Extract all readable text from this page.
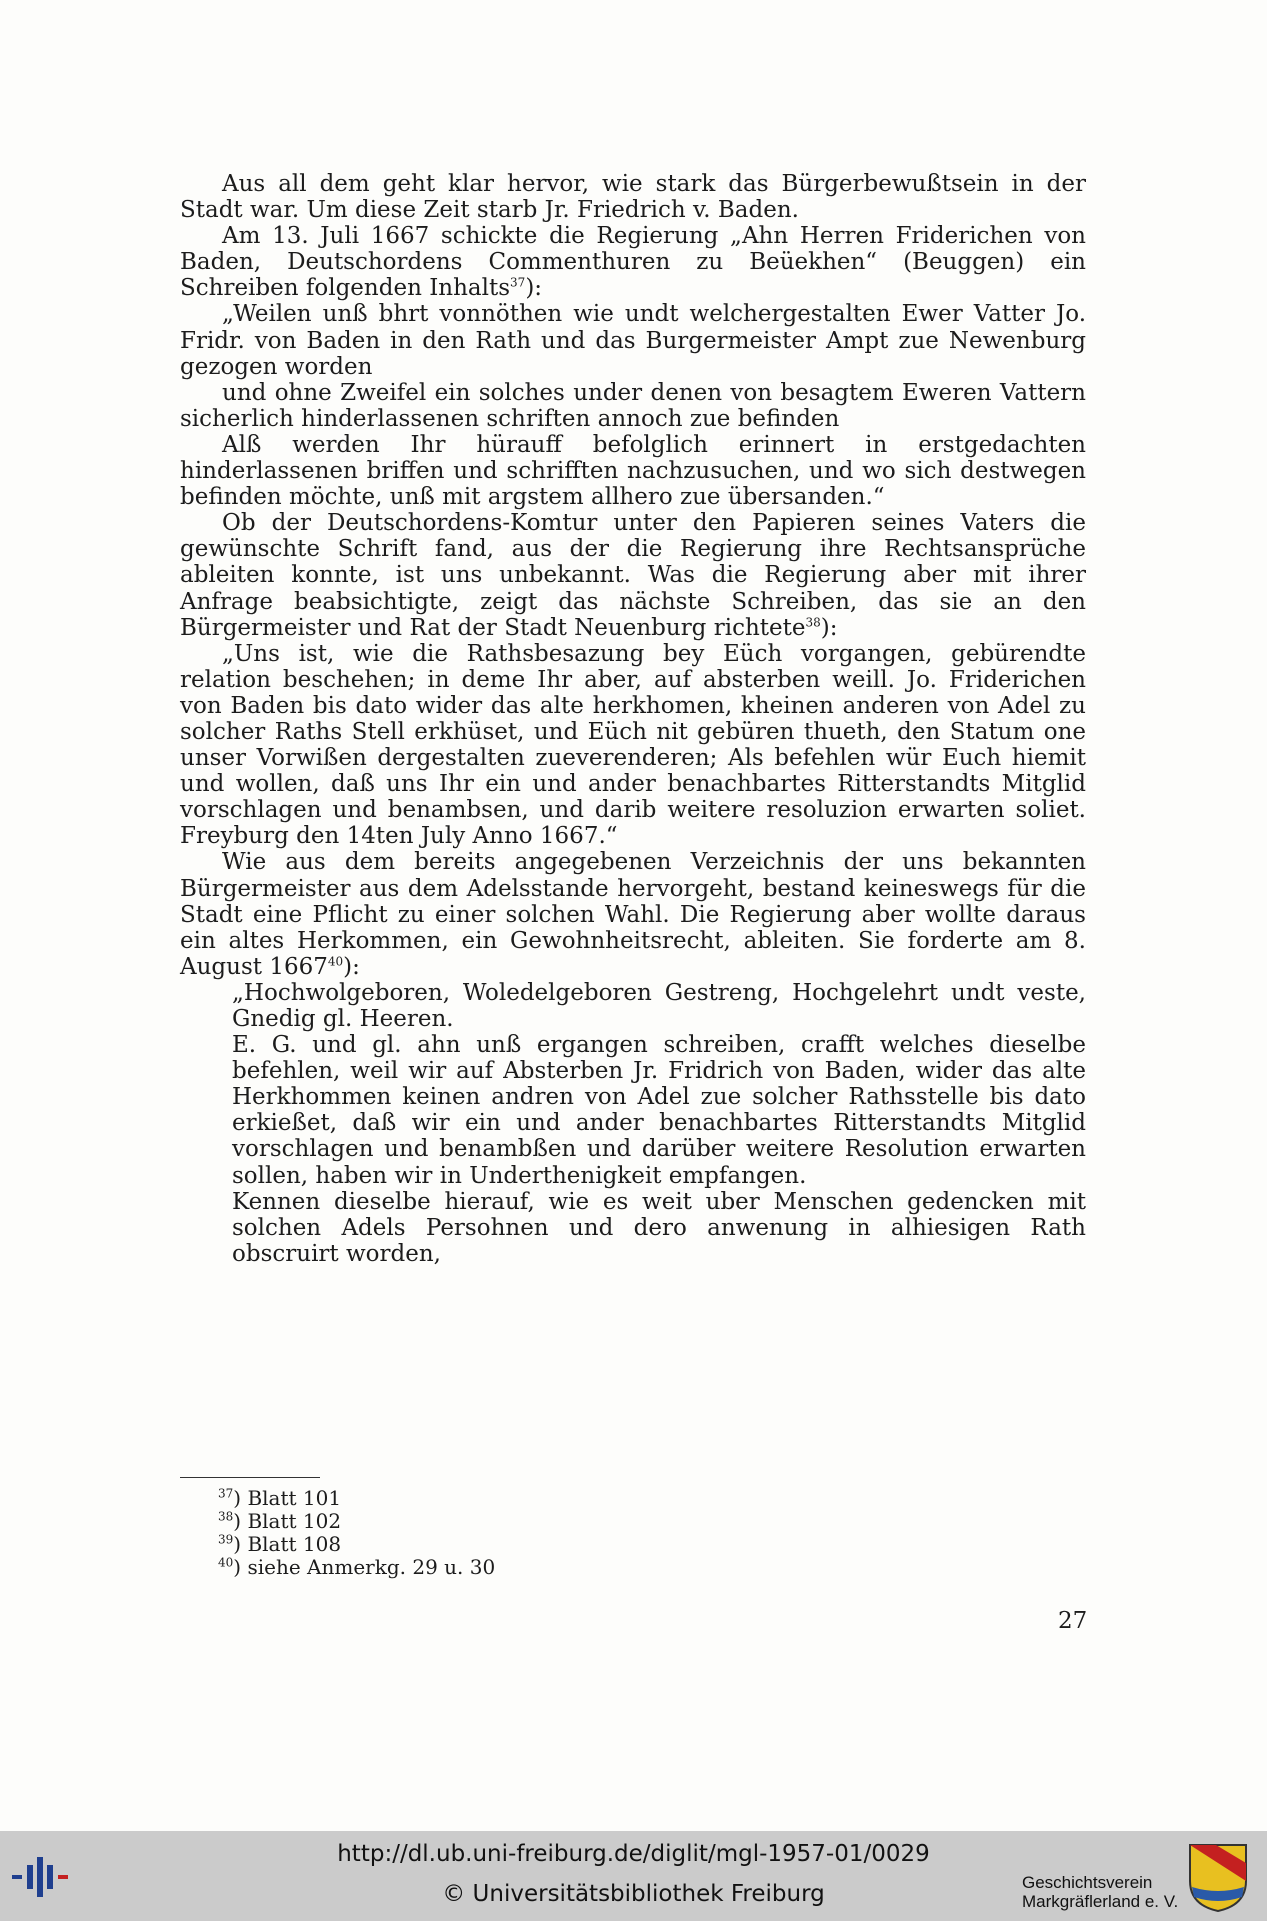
Aus all dem geht klar hervor, wie stark das Bürgerbewußtsein in der Stadt war. Um diese Zeit starb Jr. Friedrich v. Baden.

Am 13. Juli 1667 schickte die Regierung „Ahn Herren Friderichen von Baden, Deutschordens Commenthuren zu Beüekhen“ (Beuggen) ein Schreiben folgenden Inhalts$^{37}$):

„Weilen unß bhrt vonnöthen wie undt welchergestalten Ewer Vatter Jo. Fridr. von Baden in den Rath und das Burgermeister Ampt zue Newenburg gezogen worden

und ohne Zweifel ein solches under denen von besagtem Eweren Vattern sicherlich hinderlassenen schriften annoch zue befinden

Alß werden Ihr hürauff befolglich erinnert in erstgedachten hinderlassenen briffen und schrifften nachzusuchen, und wo sich destwegen befinden möchte, unß mit argstem allhero zue übersanden.“

Ob der Deutschordens-Komtur unter den Papieren seines Vaters die gewünschte Schrift fand, aus der die Regierung ihre Rechtsansprüche ableiten konnte, ist uns unbekannt. Was die Regierung aber mit ihrer Anfrage beabsichtigte, zeigt das nächste Schreiben, das sie an den Bürgermeister und Rat der Stadt Neuenburg richtete$^{38}$):

„Uns ist, wie die Rathsbesazung bey Eüch vorgangen, gebürendte relation beschehen; in deme Ihr aber, auf absterben weill. Jo. Friderichen von Baden bis dato wider das alte herkhomen, kheinen anderen von Adel zu solcher Raths Stell erkhüset, und Eüch nit gebüren thueth, den Statum one unser Vorwißen dergestalten zueverenderen; Als befehlen wür Euch hiemit und wollen, daß uns Ihr ein und ander benachbartes Ritterstandts Mitglid vorschlagen und benambsen, und darib weitere resoluzion erwarten soliet. Freyburg den 14ten July Anno 1667.“

Wie aus dem bereits angegebenen Verzeichnis der uns bekannten Bürgermeister aus dem Adelsstande hervorgeht, bestand keineswegs für die Stadt eine Pflicht zu einer solchen Wahl. Die Regierung aber wollte daraus ein altes Herkommen, ein Gewohnheitsrecht, ableiten. Sie forderte am 8. August 1667$^{40}$):

„Hochwolgeboren, Woledelgeboren Gestreng, Hochgelehrt undt veste, Gnedig gl. Heeren.

E. G. und gl. ahn unß ergangen schreiben, crafft welches dieselbe befehlen, weil wir auf Absterben Jr. Fridrich von Baden, wider das alte Herkhommen keinen andren von Adel zue solcher Rathsstelle bis dato erkießet, daß wir ein und ander benachbartes Ritterstandts Mitglid vorschlagen und benambßen und darüber weitere Resolution erwarten sollen, haben wir in Underthenigkeit empfangen.

Kennen dieselbe hierauf, wie es weit uber Menschen gedencken mit solchen Adels Persohnen und dero anwenung in alhiesigen Rath obscruirt worden,

$^{37}$) Blatt 101
$^{38}$) Blatt 102
$^{39}$) Blatt 108
$^{40}$) siehe Anmerkg. 29 u. 30
27
http://dl.ub.uni-freiburg.de/diglit/mgl-1957-01/0029
© Universitätsbibliothek Freiburg	Geschichtsverein
Markgräflerland e. V.
